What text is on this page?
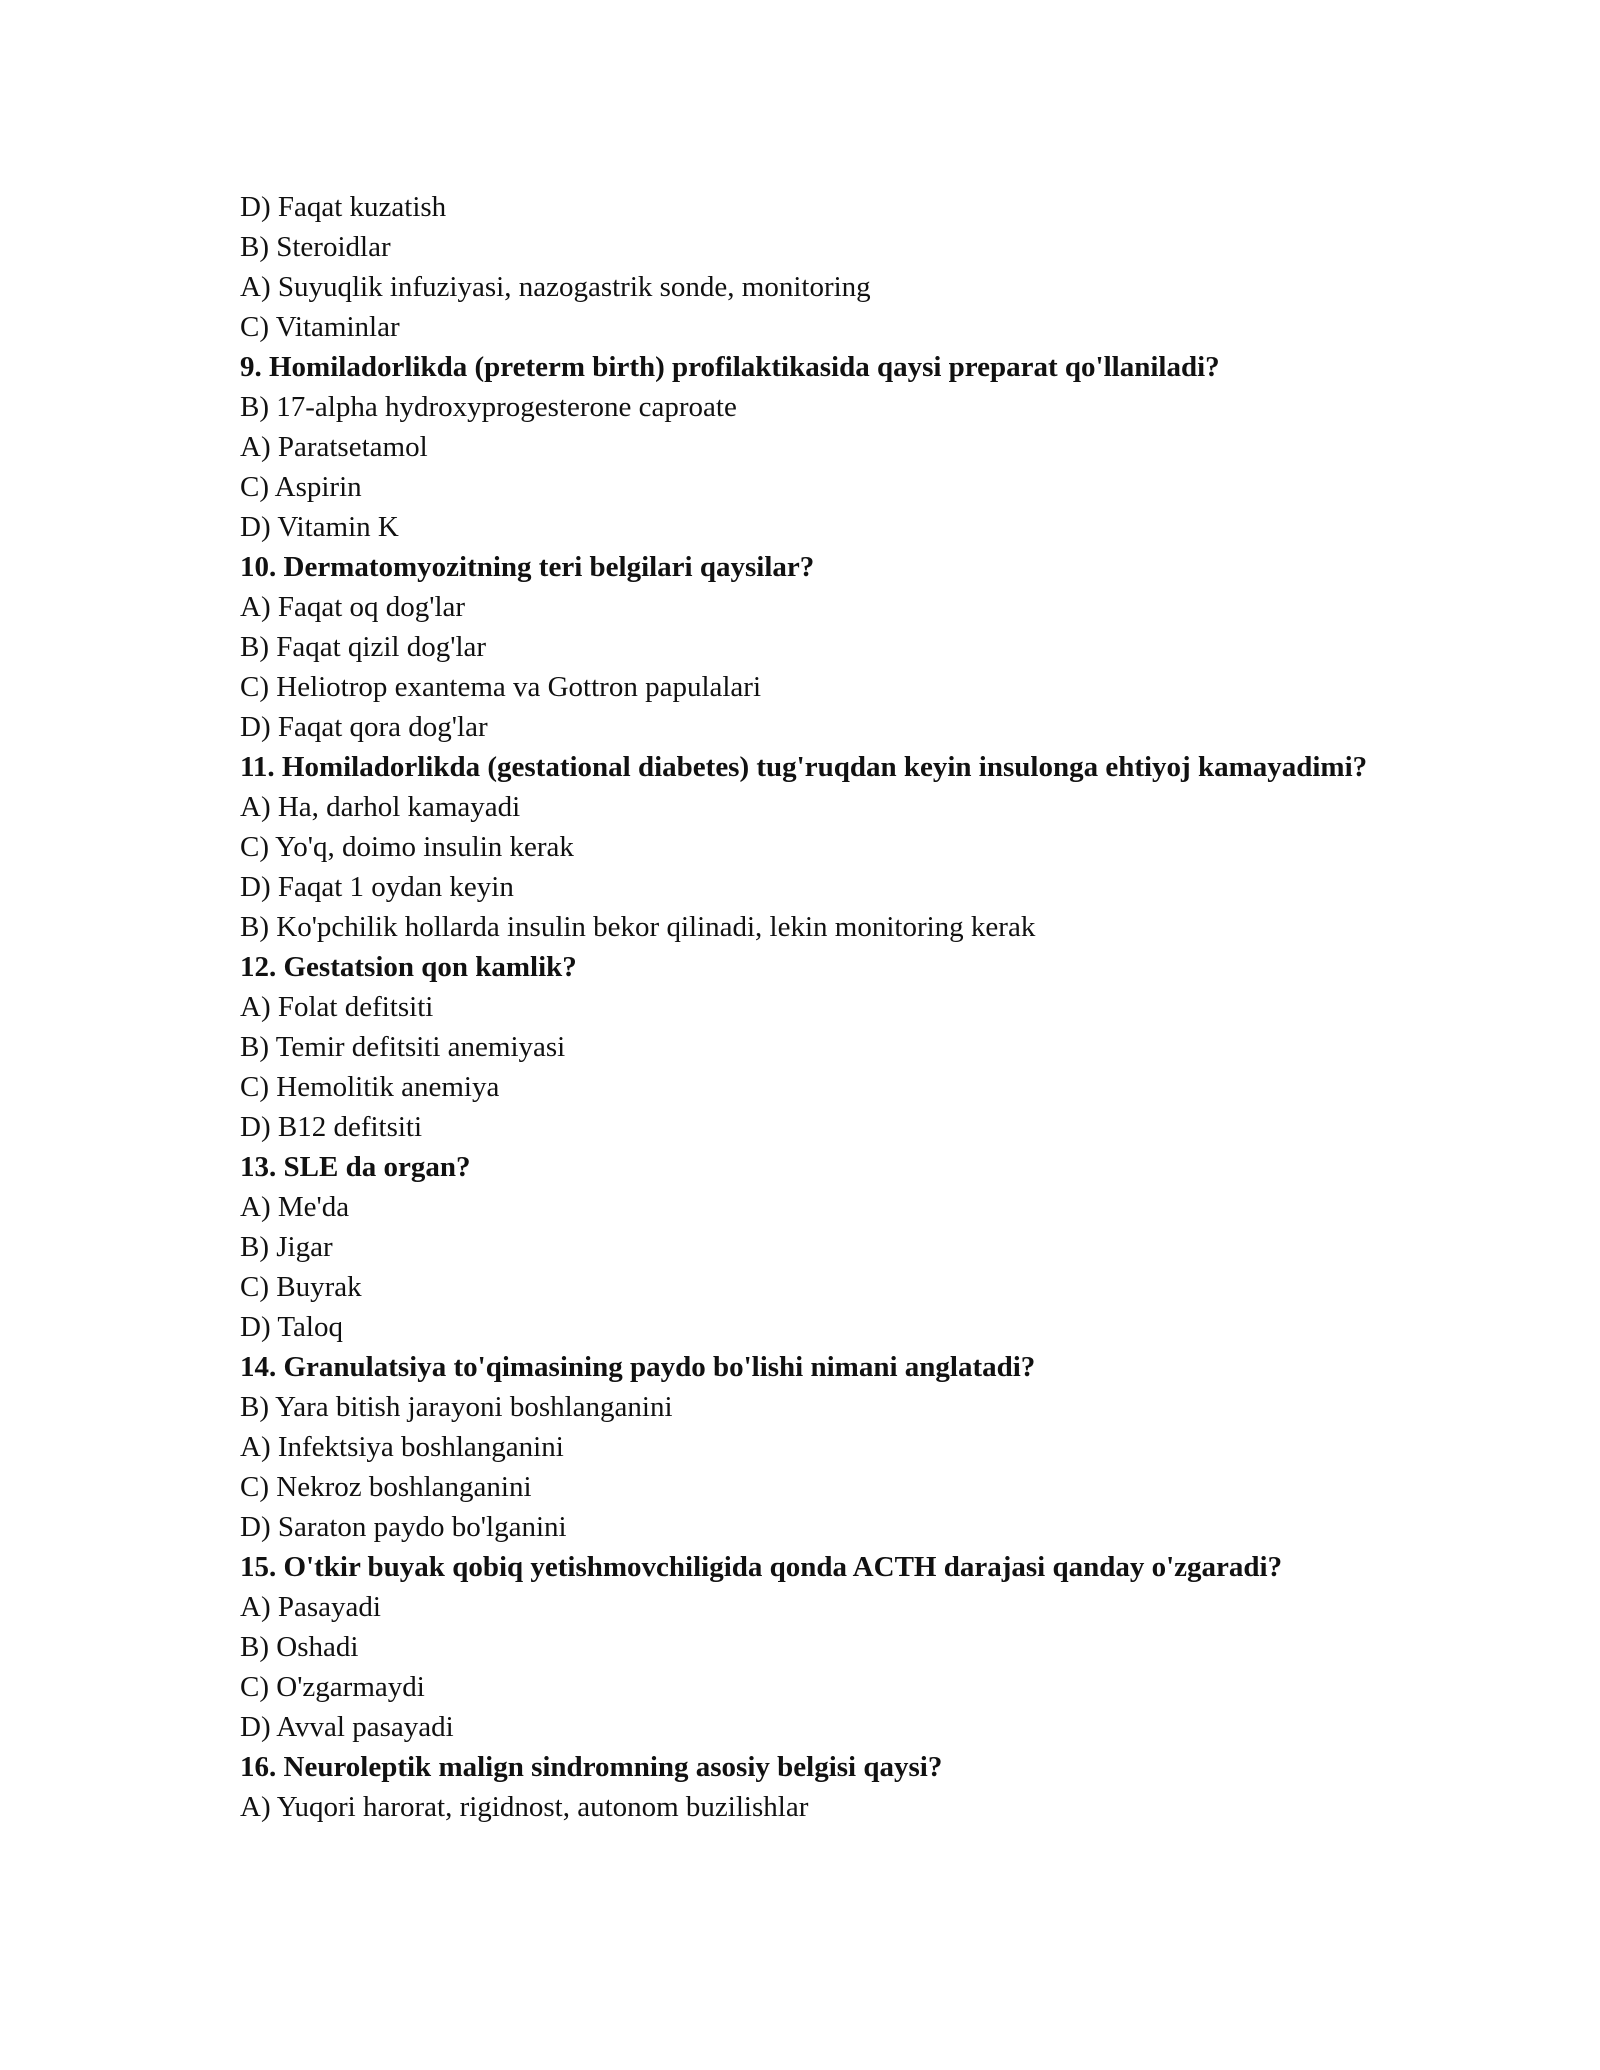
D) Faqat kuzatish
B) Steroidlar
A) Suyuqlik infuziyasi, nazogastrik sonde, monitoring
C) Vitaminlar
9. Homiladorlikda (preterm birth) profilaktikasida qaysi preparat qo'llaniladi?
B) 17-alpha hydroxyprogesterone caproate
A) Paratsetamol
C) Aspirin
D) Vitamin K
10. Dermatomyozitning teri belgilari qaysilar?
A) Faqat oq dog'lar
B) Faqat qizil dog'lar
C) Heliotrop exantema va Gottron papulalari
D) Faqat qora dog'lar
11. Homiladorlikda (gestational diabetes) tug'ruqdan keyin insulonga ehtiyoj kamayadimi?
A) Ha, darhol kamayadi
C) Yo'q, doimo insulin kerak
D) Faqat 1 oydan keyin
B) Ko'pchilik hollarda insulin bekor qilinadi, lekin monitoring kerak
12. Gestatsion qon kamlik?
A) Folat defitsiti
B) Temir defitsiti anemiyasi
C) Hemolitik anemiya
D) B12 defitsiti
13. SLE da organ?
A) Me'da
B) Jigar
C) Buyrak
D) Taloq
14. Granulatsiya to'qimasining paydo bo'lishi nimani anglatadi?
B) Yara bitish jarayoni boshlanganini
A) Infektsiya boshlanganini
C) Nekroz boshlanganini
D) Saraton paydo bo'lganini
15. O'tkir buyak qobiq yetishmovchiligida qonda ACTH darajasi qanday o'zgaradi?
A) Pasayadi
B) Oshadi
C) O'zgarmaydi
D) Avval pasayadi
16. Neuroleptik malign sindromning asosiy belgisi qaysi?
A) Yuqori harorat, rigidnost, autonom buzilishlar
